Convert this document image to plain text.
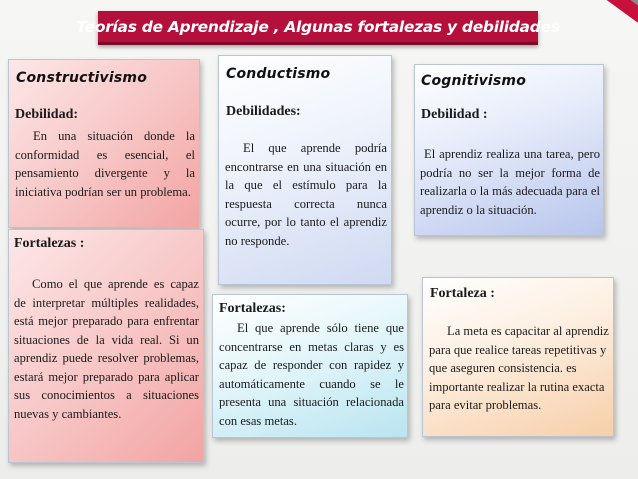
Teorías de Aprendizaje , Algunas fortalezas y debilidades
Constructivismo
Debilidad:
En una situación donde la conformidad es esencial, el pensamiento divergente y la iniciativa podrían ser un problema.
Fortalezas :
Como el que aprende es capaz de interpretar múltiples realidades, está mejor preparado para enfrentar situaciones de la vida real. Si un aprendiz puede resolver problemas, estará mejor preparado para aplicar sus conocimientos a situaciones nuevas y cambiantes.
Conductismo
Debilidades:
El que aprende podría encontrarse en una situación en la que el estímulo para la respuesta correcta nunca ocurre, por lo tanto el aprendiz no responde.
Fortalezas:
El que aprende sólo tiene que concentrarse en metas claras y es capaz de responder con rapidez y automáticamente cuando se le presenta una situación relacionada con esas metas.
Cognitivismo
Debilidad :
El aprendiz realiza una tarea, pero podría no ser la mejor forma de realizarla o la más adecuada para el aprendiz o la situación.
Fortaleza :
La meta es capacitar al aprendiz para que realice tareas repetitivas y que aseguren consistencia. es importante realizar la rutina exacta para evitar problemas.
